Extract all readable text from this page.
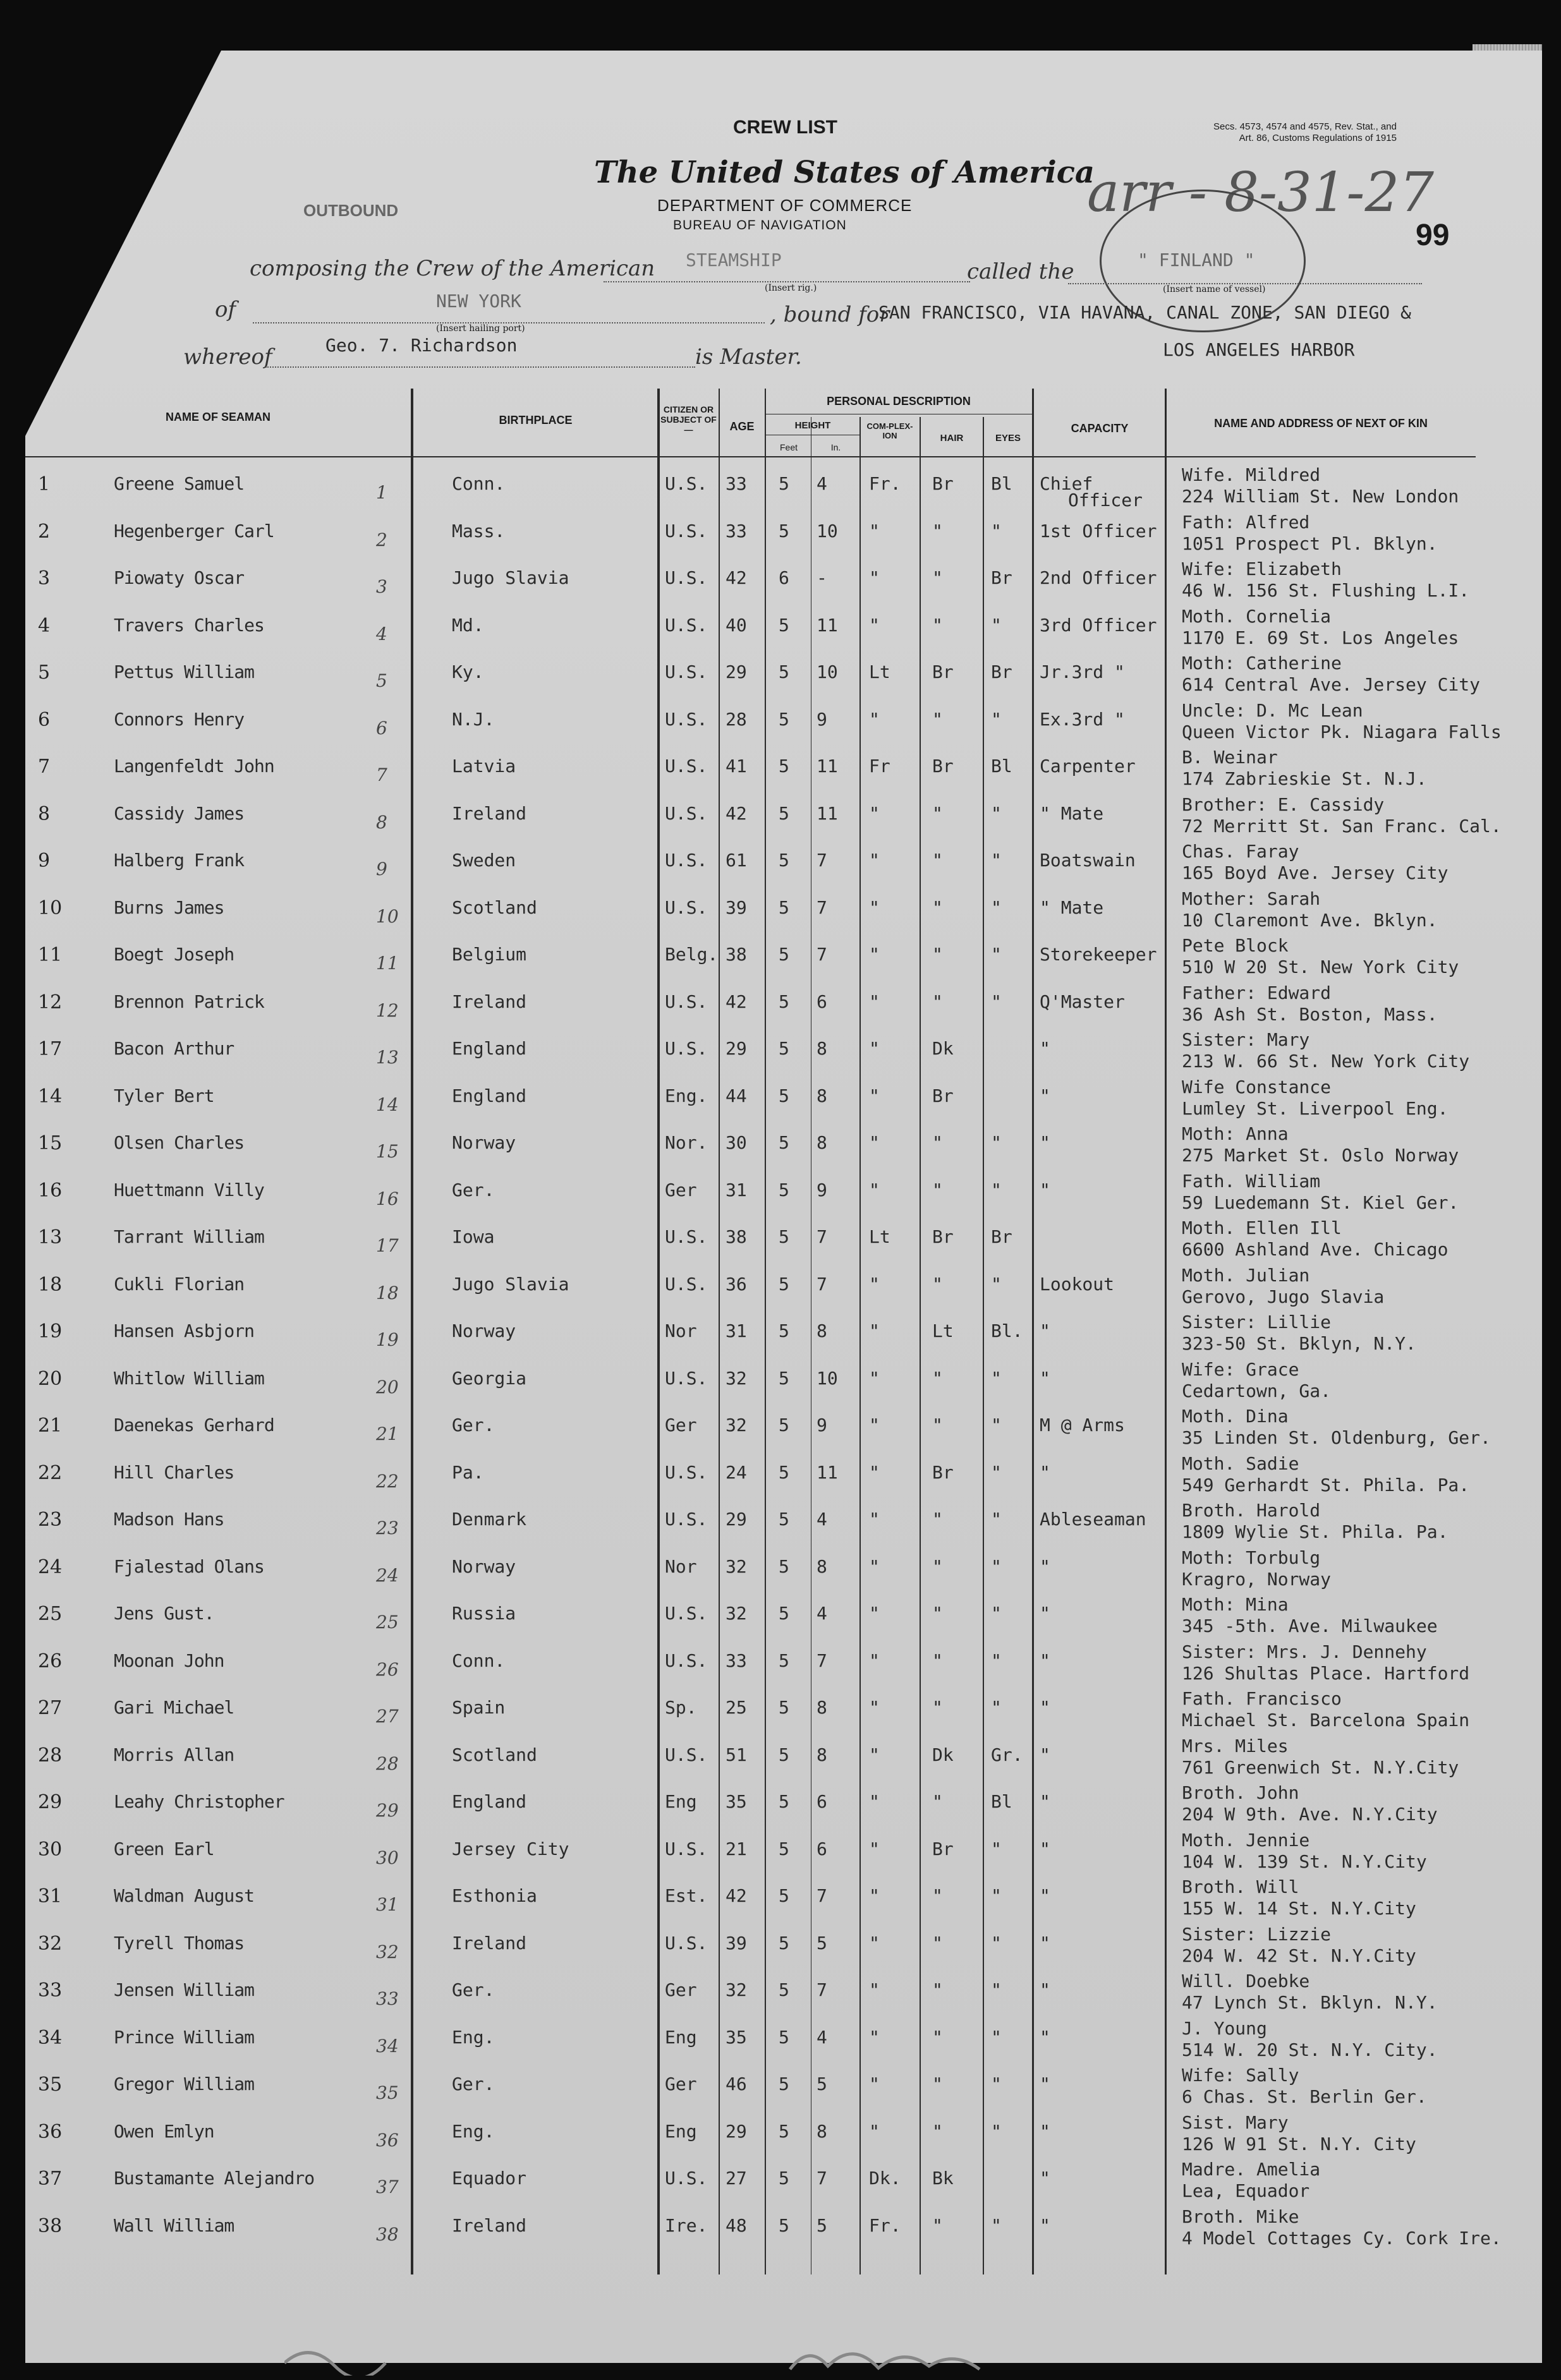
CREW LIST	Secs. 4573, 4574 and 4575, Rev. Stat., and
Art. 86, Customs Regulations of 1915
The United States of America
DEPARTMENT OF COMMERCE
BUREAU OF NAVIGATION
OUTBOUND	arr - 8-31-27
99
composing the Crew of the American STEAMSHIP
(Insert rig.)
called the	" FINLAND "
(Insert name of vessel)
of	NEW YORK
(Insert hailing port)
, bound for
SAN FRANCISCO, VIA HAVANA, CANAL ZONE, SAN DIEGO &
LOS ANGELES HARBOR
whereof	Geo. 7. Richardson	is Master.
NAME OF SEAMAN	BIRTHPLACE
CITIZEN OR SUBJECT OF—	AGE
PERSONAL DESCRIPTION
HEIGHT
Feet	In.
COM-PLEX-ION	HAIR	EYES
CAPACITY	NAME AND ADDRESS OF NEXT OF KIN
1	Greene Samuel	1	Conn.	U.S. 33 5 4 Fr. Br Bl Chief	Wife. Mildred
224 William St. New London
Officer
2	Hegenberger Carl	2	Mass.	U.S. 33 5 10 "	"	" 1st Officer Fath: Alfred
1051 Prospect Pl. Bklyn.
3	Piowaty Oscar	3	Jugo Slavia	U.S. 42 6 - "	"	Br 2nd Officer Wife: Elizabeth
46 W. 156 St. Flushing L.I.
4	Travers Charles	4	Md.	U.S. 40 5 11 "	"	" 3rd Officer Moth. Cornelia
1170 E. 69 St. Los Angeles
5	Pettus William	5	Ky.	U.S. 29 5 10 Lt Br Br Jr.3rd "	Moth: Catherine
614 Central Ave. Jersey City
6	Connors Henry	6	N.J.	U.S. 28 5 9 "	"	" Ex.3rd "	Uncle: D. Mc Lean
Queen Victor Pk. Niagara Falls
7	Langenfeldt John	7	Latvia	U.S. 41 5 11 Fr Br Bl Carpenter	B. Weinar
174 Zabrieskie St. N.J.
8	Cassidy James	8	Ireland	U.S. 42 5 11 "	"	" " Mate	Brother: E. Cassidy
72 Merritt St. San Franc. Cal.
9	Halberg Frank	9	Sweden	U.S. 61 5 7 "	"	" Boatswain	Chas. Faray
165 Boyd Ave. Jersey City
10	Burns James	10	Scotland	U.S. 39 5 7 "	"	" " Mate	Mother: Sarah
10 Claremont Ave. Bklyn.
11	Boegt Joseph	11	Belgium	Belg. 38 5 7 "	"	" Storekeeper Pete Block
510 W 20 St. New York City
12	Brennon Patrick	12	Ireland	U.S. 42 5 6 "	"	" Q'Master	Father: Edward
36 Ash St. Boston, Mass.
17	Bacon Arthur	13	England	U.S. 29 5 8 "	Dk	"	Sister: Mary
213 W. 66 St. New York City
14	Tyler Bert	14	England	Eng. 44 5 8 "	Br	"	Wife Constance
Lumley St. Liverpool Eng.
15	Olsen Charles	15	Norway	Nor. 30 5 8 "	"	" "	Moth: Anna
275 Market St. Oslo Norway
16	Huettmann Villy	16	Ger.	Ger 31 5 9 "	"	" "	Fath. William
59 Luedemann St. Kiel Ger.
13	Tarrant William	17	Iowa	U.S. 38 5 7 Lt Br Br	Moth. Ellen Ill
6600 Ashland Ave. Chicago
18	Cukli Florian	18	Jugo Slavia	U.S. 36 5 7 "	"	" Lookout	Moth. Julian
Gerovo, Jugo Slavia
19	Hansen Asbjorn	19	Norway	Nor 31 5 8 "	Lt Bl. "	Sister: Lillie
323-50 St. Bklyn, N.Y.
20	Whitlow William	20	Georgia	U.S. 32 5 10 "	"	" "	Wife: Grace
Cedartown, Ga.
21	Daenekas Gerhard	21	Ger.	Ger 32 5 9 "	"	" M @ Arms	Moth. Dina
35 Linden St. Oldenburg, Ger.
22	Hill Charles	22	Pa.	U.S. 24 5 11 "	Br " "	Moth. Sadie
549 Gerhardt St. Phila. Pa.
23	Madson Hans	23	Denmark	U.S. 29 5 4 "	"	" Ableseaman Broth. Harold
1809 Wylie St. Phila. Pa.
24	Fjalestad Olans	24	Norway	Nor 32 5 8 "	"	" "	Moth: Torbulg
Kragro, Norway
25	Jens Gust.	25	Russia	U.S. 32 5 4 "	"	" "	Moth: Mina
345 -5th. Ave. Milwaukee
26	Moonan John	26	Conn.	U.S. 33 5 7 "	"	" "	Sister: Mrs. J. Dennehy
126 Shultas Place. Hartford
27	Gari Michael	27	Spain	Sp. 25 5 8 "	"	" "	Fath. Francisco
Michael St. Barcelona Spain
28	Morris Allan	28	Scotland	U.S. 51 5 8 "	Dk Gr. "	Mrs. Miles
761 Greenwich St. N.Y.City
29	Leahy Christopher	29	England	Eng 35 5 6 "	"	Bl "	Broth. John
204 W 9th. Ave. N.Y.City
30	Green Earl	30	Jersey City	U.S. 21 5 6 "	Br " "	Moth. Jennie
104 W. 139 St. N.Y.City
31	Waldman August	31	Esthonia	Est. 42 5 7 "	"	" "	Broth. Will
155 W. 14 St. N.Y.City
32	Tyrell Thomas	32	Ireland	U.S. 39 5 5 "	"	" "	Sister: Lizzie
204 W. 42 St. N.Y.City
33	Jensen William	33	Ger.	Ger 32 5 7 "	"	" "	Will. Doebke
47 Lynch St. Bklyn. N.Y.
34	Prince William	34	Eng.	Eng 35 5 4 "	"	" "	J. Young
514 W. 20 St. N.Y. City.
35	Gregor William	35	Ger.	Ger 46 5 5 "	"	" "	Wife: Sally
6 Chas. St. Berlin Ger.
36	Owen Emlyn	36	Eng.	Eng 29 5 8 "	"	" "	Sist. Mary
126 W 91 St. N.Y. City
37	Bustamante Alejandro	37	Equador	U.S. 27 5 7 Dk. Bk	"	Madre. Amelia
Lea, Equador
38	Wall William	38	Ireland	Ire. 48 5 5 Fr. "	" "	Broth. Mike
4 Model Cottages Cy. Cork Ire.
